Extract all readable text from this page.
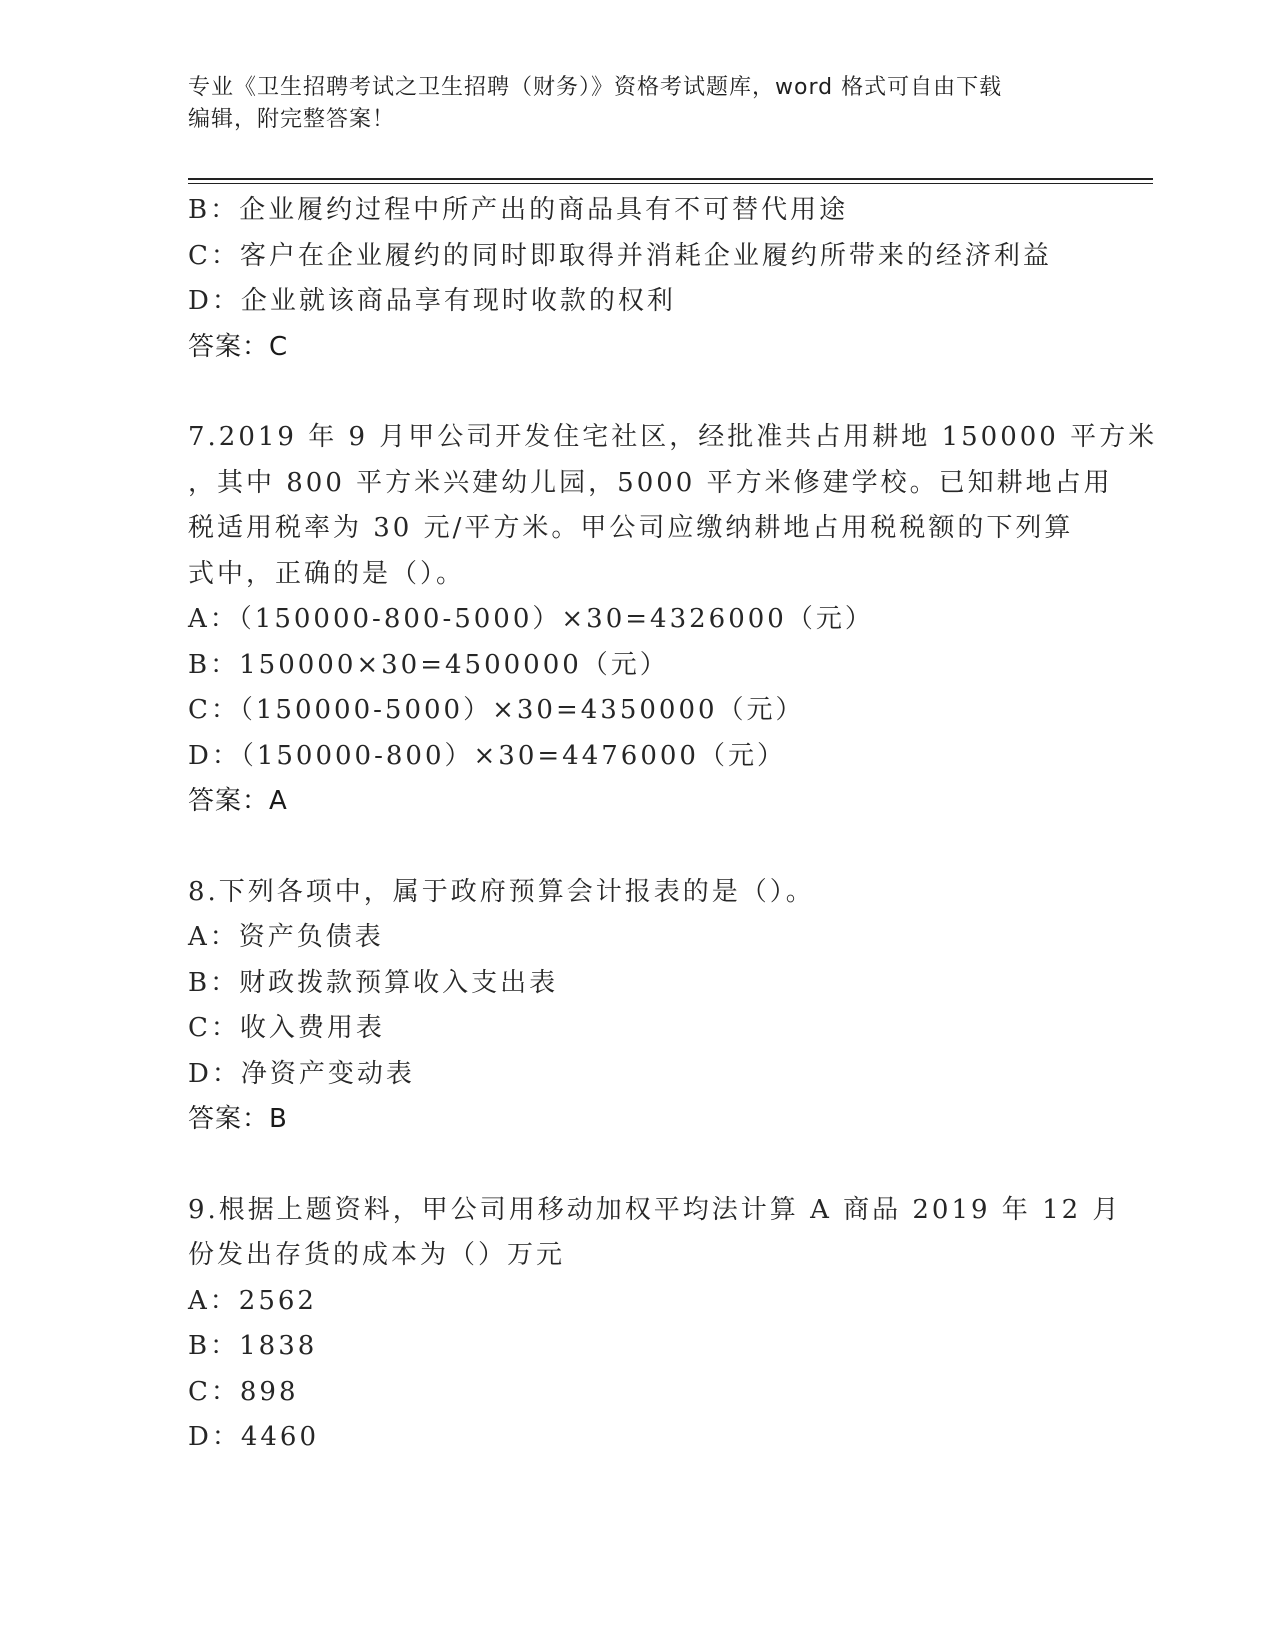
专业《卫生招聘考试之卫生招聘（财务）》资格考试题库，word 格式可自由下载
编辑，附完整答案！
B：企业履约过程中所产出的商品具有不可替代用途
C：客户在企业履约的同时即取得并消耗企业履约所带来的经济利益
D：企业就该商品享有现时收款的权利
答案：C
7.2019 年 9 月甲公司开发住宅社区，经批准共占用耕地 150000 平方米
，其中 800 平方米兴建幼儿园，5000 平方米修建学校。已知耕地占用
税适用税率为 30 元/平方米。甲公司应缴纳耕地占用税税额的下列算
式中，正确的是（）。
A：（150000-800-5000）×30=4326000（元）
B：150000×30=4500000（元）
C：（150000-5000）×30=4350000（元）
D：（150000-800）×30=4476000（元）
答案：A
8.下列各项中，属于政府预算会计报表的是（）。
A：资产负债表
B：财政拨款预算收入支出表
C：收入费用表
D：净资产变动表
答案：B
9.根据上题资料，甲公司用移动加权平均法计算 A 商品 2019 年 12 月
份发出存货的成本为（）万元
A：2562
B：1838
C：898
D：4460
